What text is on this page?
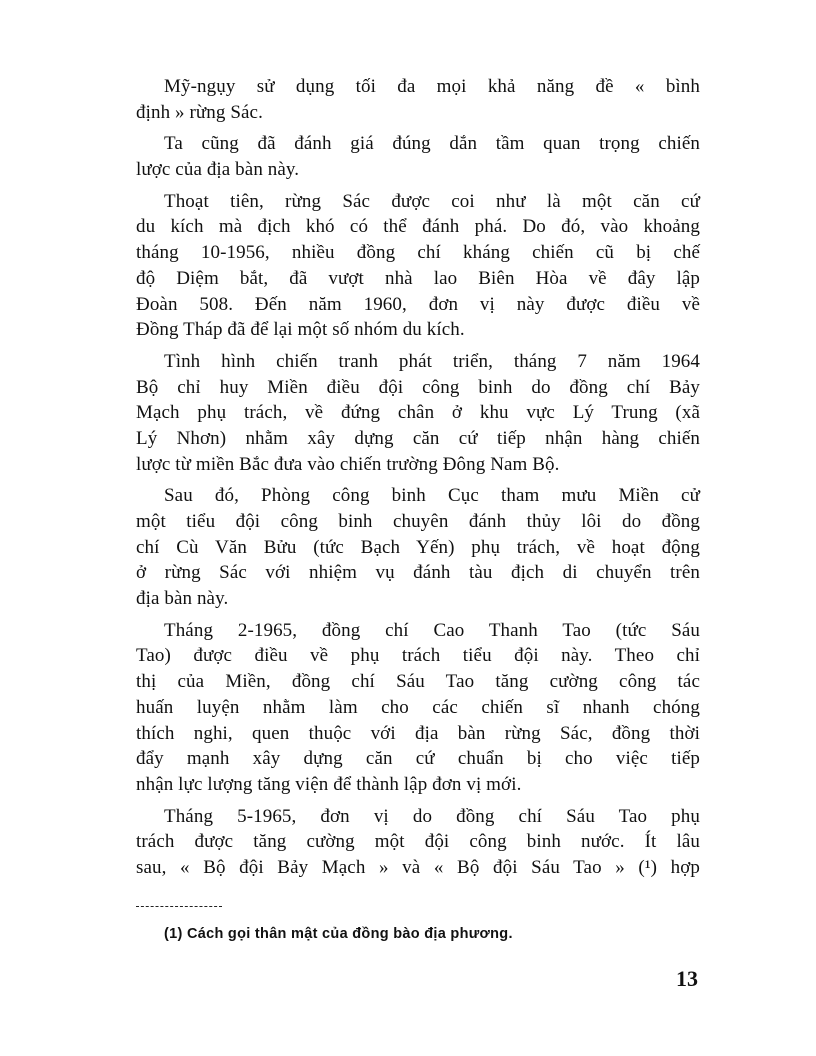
Mỹ-ngụy sử dụng tối đa mọi khả năng đề « bình
định » rừng Sác.
Ta cũng đã đánh giá đúng dắn tầm quan trọng chiến
lược của địa bàn này.
Thoạt tiên, rừng Sác được coi như là một căn cứ
du kích mà địch khó có thể đánh phá. Do đó, vào khoảng
tháng 10-1956, nhiều đồng chí kháng chiến cũ bị chế
độ Diệm bắt, đã vượt nhà lao Biên Hòa về đây lập
Đoàn 508. Đến năm 1960, đơn vị này được điều về
Đồng Tháp đã để lại một số nhóm du kích.
Tình hình chiến tranh phát triển, tháng 7 năm 1964
Bộ chỉ huy Miền điều đội công binh do đồng chí Bảy
Mạch phụ trách, về đứng chân ở khu vực Lý Trung (xã
Lý Nhơn) nhằm xây dựng căn cứ tiếp nhận hàng chiến
lược từ miền Bắc đưa vào chiến trường Đông Nam Bộ.
Sau đó, Phòng công binh Cục tham mưu Miền cử
một tiểu đội công binh chuyên đánh thủy lôi do đồng
chí Cù Văn Bửu (tức Bạch Yến) phụ trách, về hoạt động
ở rừng Sác với nhiệm vụ đánh tàu địch di chuyển trên
địa bàn này.
Tháng 2-1965, đồng chí Cao Thanh Tao (tức Sáu
Tao) được điều về phụ trách tiểu đội này. Theo chỉ
thị của Miền, đồng chí Sáu Tao tăng cường công tác
huấn luyện nhằm làm cho các chiến sĩ nhanh chóng
thích nghi, quen thuộc với địa bàn rừng Sác, đồng thời
đẩy mạnh xây dựng căn cứ chuẩn bị cho việc tiếp
nhận lực lượng tăng viện để thành lập đơn vị mới.
Tháng 5-1965, đơn vị do đồng chí Sáu Tao phụ
trách được tăng cường một đội công binh nước. Ít lâu
sau, « Bộ đội Bảy Mạch » và « Bộ đội Sáu Tao » (¹) hợp
(1) Cách gọi thân mật của đồng bào địa phương.
13
